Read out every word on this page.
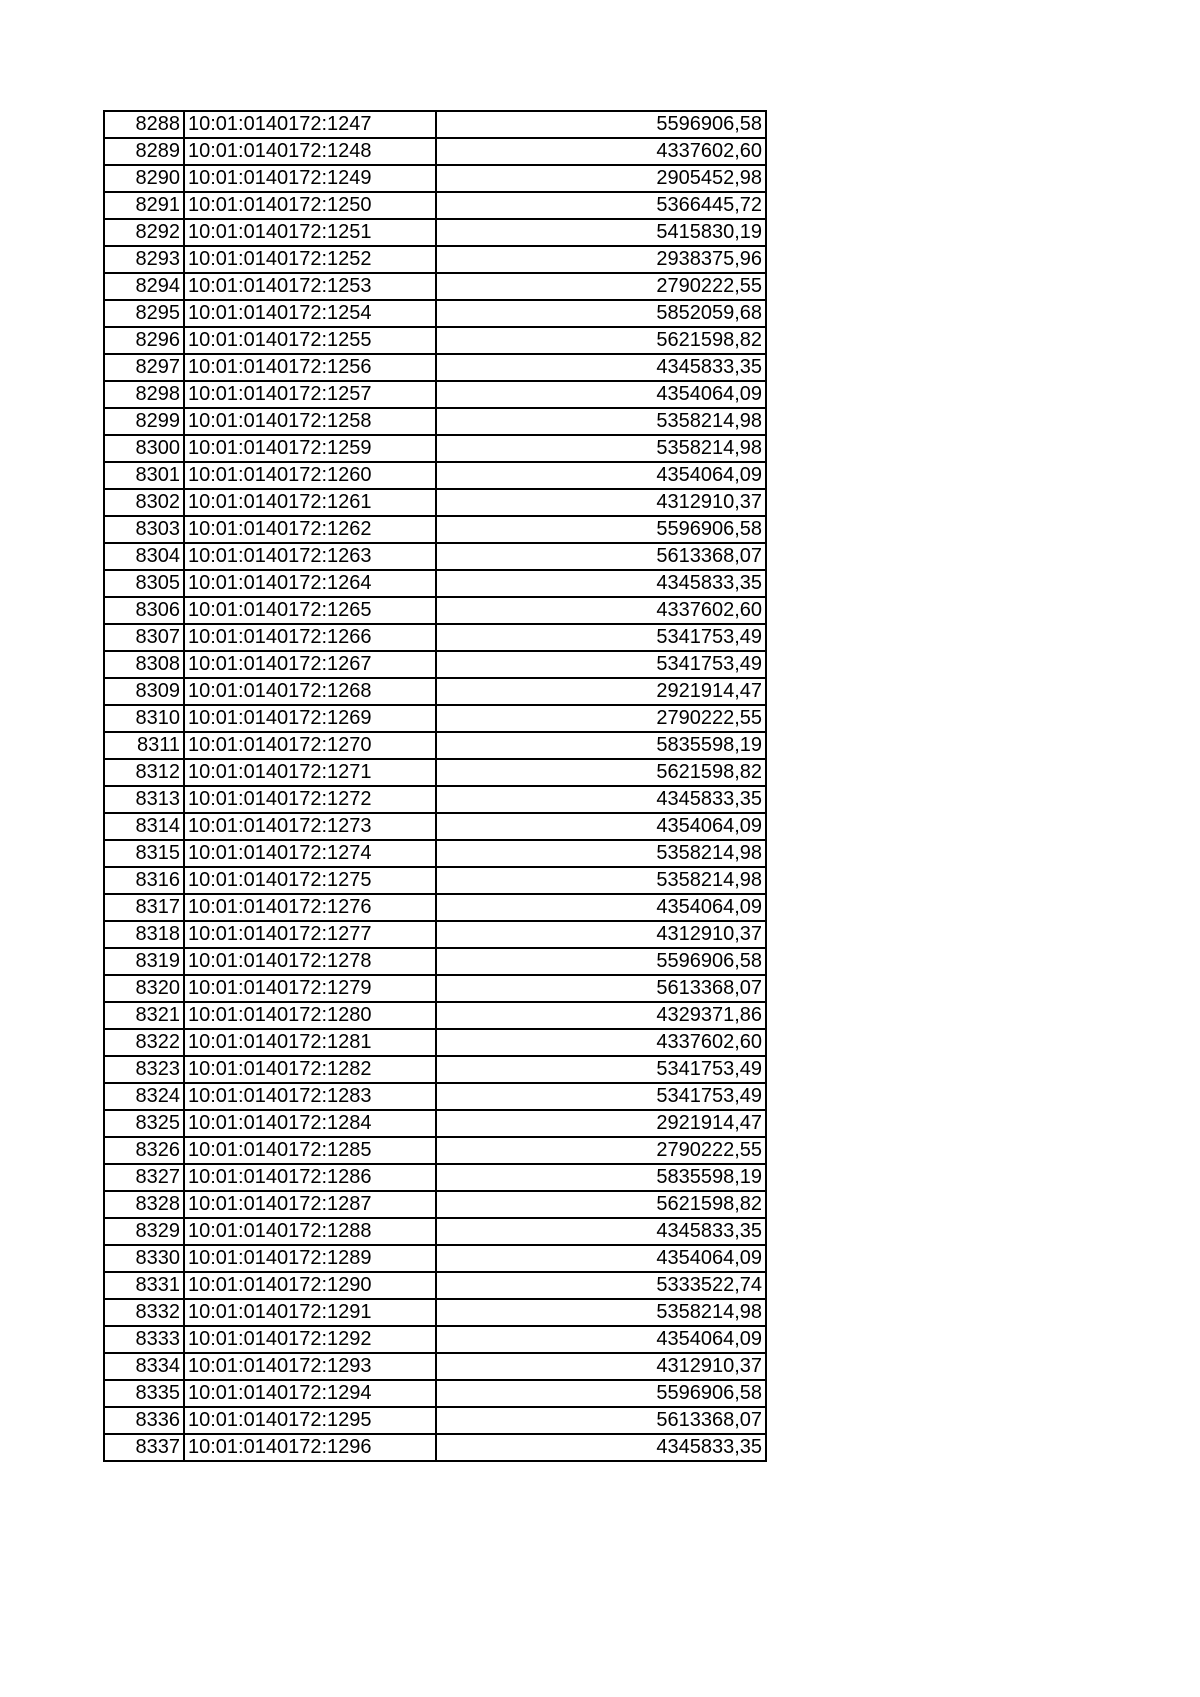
8288	10:01:0140172:1247	5596906,58
8289	10:01:0140172:1248	4337602,60
8290	10:01:0140172:1249	2905452,98
8291	10:01:0140172:1250	5366445,72
8292	10:01:0140172:1251	5415830,19
8293	10:01:0140172:1252	2938375,96
8294	10:01:0140172:1253	2790222,55
8295	10:01:0140172:1254	5852059,68
8296	10:01:0140172:1255	5621598,82
8297	10:01:0140172:1256	4345833,35
8298	10:01:0140172:1257	4354064,09
8299	10:01:0140172:1258	5358214,98
8300	10:01:0140172:1259	5358214,98
8301	10:01:0140172:1260	4354064,09
8302	10:01:0140172:1261	4312910,37
8303	10:01:0140172:1262	5596906,58
8304	10:01:0140172:1263	5613368,07
8305	10:01:0140172:1264	4345833,35
8306	10:01:0140172:1265	4337602,60
8307	10:01:0140172:1266	5341753,49
8308	10:01:0140172:1267	5341753,49
8309	10:01:0140172:1268	2921914,47
8310	10:01:0140172:1269	2790222,55
8311	10:01:0140172:1270	5835598,19
8312	10:01:0140172:1271	5621598,82
8313	10:01:0140172:1272	4345833,35
8314	10:01:0140172:1273	4354064,09
8315	10:01:0140172:1274	5358214,98
8316	10:01:0140172:1275	5358214,98
8317	10:01:0140172:1276	4354064,09
8318	10:01:0140172:1277	4312910,37
8319	10:01:0140172:1278	5596906,58
8320	10:01:0140172:1279	5613368,07
8321	10:01:0140172:1280	4329371,86
8322	10:01:0140172:1281	4337602,60
8323	10:01:0140172:1282	5341753,49
8324	10:01:0140172:1283	5341753,49
8325	10:01:0140172:1284	2921914,47
8326	10:01:0140172:1285	2790222,55
8327	10:01:0140172:1286	5835598,19
8328	10:01:0140172:1287	5621598,82
8329	10:01:0140172:1288	4345833,35
8330	10:01:0140172:1289	4354064,09
8331	10:01:0140172:1290	5333522,74
8332	10:01:0140172:1291	5358214,98
8333	10:01:0140172:1292	4354064,09
8334	10:01:0140172:1293	4312910,37
8335	10:01:0140172:1294	5596906,58
8336	10:01:0140172:1295	5613368,07
8337	10:01:0140172:1296	4345833,35
